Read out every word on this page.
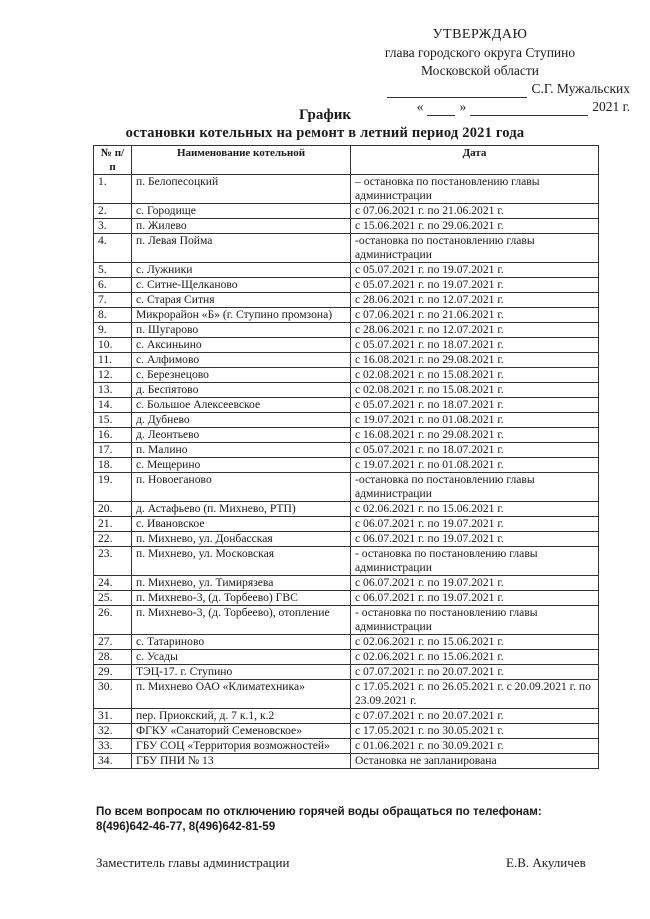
УТВЕРЖДАЮ
глава городского округа Ступино
Московской области
С.Г. Мужальских
«	»	2021 г.
График
остановки котельных на ремонт в летний период 2021 года
№ п/п	Наименование котельной	Дата
1.	п. Белопесоцкий	– остановка по постановлению главы администрации
2.	с. Городище	с 07.06.2021 г. по 21.06.2021 г.
3.	п. Жилево	с 15.06.2021 г. по 29.06.2021 г.
4.	п. Левая Пойма	-остановка по постановлению главы администрации
5.	с. Лужники	с 05.07.2021 г. по 19.07.2021 г.
6.	с. Ситне-Щелканово	с 05.07.2021 г. по 19.07.2021 г.
7.	с. Старая Ситня	с 28.06.2021 г. по 12.07.2021 г.
8.	Микрорайон «Б» (г. Ступино промзона)	с 07.06.2021 г. по 21.06.2021 г.
9.	п. Шугарово	с 28.06.2021 г. по 12.07.2021 г.
10.	с. Аксиньино	с 05.07.2021 г. по 18.07.2021 г.
11.	с. Алфимово	с 16.08.2021 г. по 29.08.2021 г.
12.	с. Березнецово	с 02.08.2021 г. по 15.08.2021 г.
13.	д. Беспятово	с 02.08.2021 г. по 15.08.2021 г.
14.	с. Большое Алексеевское	с 05.07.2021 г. по 18.07.2021 г.
15.	д. Дубнево	с 19.07.2021 г. по 01.08.2021 г.
16.	д. Леонтьево	с 16.08.2021 г. по 29.08.2021 г.
17.	п. Малино	с 05.07.2021 г. по 18.07.2021 г.
18.	с. Мещерино	с 19.07.2021 г. по 01.08.2021 г.
19.	п. Новоеганово	-остановка по постановлению главы администрации
20.	д. Астафьево (п. Михнево, РТП)	с 02.06.2021 г. по 15.06.2021 г.
21.	с. Ивановское	с 06.07.2021 г. по 19.07.2021 г.
22.	п. Михнево, ул. Донбасская	с 06.07.2021 г. по 19.07.2021 г.
23.	п. Михнево, ул. Московская	- остановка по постановлению главы администрации
24.	п. Михнево, ул. Тимирязева	с 06.07.2021 г. по 19.07.2021 г.
25.	п. Михнево-3, (д. Торбеево) ГВС	с 06.07.2021 г. по 19.07.2021 г.
26.	п. Михнево-3, (д. Торбеево), отопление	- остановка по постановлению главы администрации
27.	с. Татариново	с 02.06.2021 г. по 15.06.2021 г.
28.	с. Усады	с 02.06.2021 г. по 15.06.2021 г.
29.	ТЭЦ-17. г. Ступино	с 07.07.2021 г. по 20.07.2021 г.
30.	п. Михнево ОАО «Климатехника»	с 17.05.2021 г. по 26.05.2021 г. с 20.09.2021 г. по 23.09.2021 г.
31.	пер. Приокский, д. 7 к.1, к.2	с 07.07.2021 г. по 20.07.2021 г.
32.	ФГКУ «Санаторий Семеновское»	с 17.05.2021 г. по 30.05.2021 г.
33.	ГБУ СОЦ «Территория возможностей»	с 01.06.2021 г. по 30.09.2021 г.
34.	ГБУ ПНИ № 13	Остановка не запланирована
По всем вопросам по отключению горячей воды обращаться по телефонам:
8(496)642-46-77, 8(496)642-81-59
Заместитель главы администрации	Е.В. Акуличев
